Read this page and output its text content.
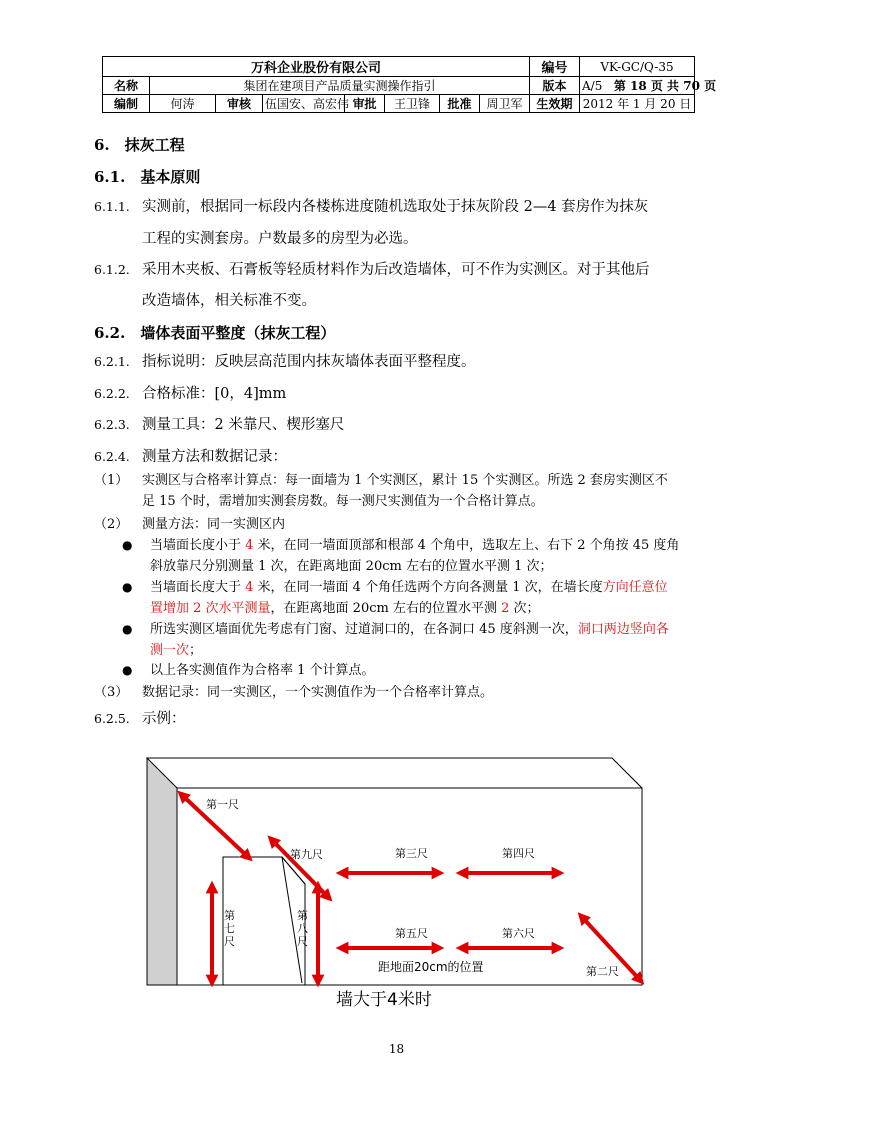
万科企业股份有限公司								编号	VK-GC/Q-35
名称	集团在建项目产品质量实测操作指引							版本	A/5 第 18 页 共 70 页
编制	何涛	审核	伍国安、高宏伟	审批	王卫锋	批准	周卫军	生效期	2012 年 1 月 20 日
6.　抹灰工程
6.1.　基本原则
6.1.1. 实测前，根据同一标段内各楼栋进度随机选取处于抹灰阶段 2—4 套房作为抹灰
工程的实测套房。户数最多的房型为必选。
6.1.2. 采用木夹板、石膏板等轻质材料作为后改造墙体，可不作为实测区。对于其他后
改造墙体，相关标准不变。
6.2.　墙体表面平整度（抹灰工程）
6.2.1. 指标说明：反映层高范围内抹灰墙体表面平整程度。
6.2.2. 合格标准：[0，4]mm
6.2.3. 测量工具：2 米靠尺、楔形塞尺
6.2.4. 测量方法和数据记录：
（1） 实测区与合格率计算点：每一面墙为 1 个实测区，累计 15 个实测区。所选 2 套房实测区不
足 15 个时，需增加实测套房数。每一测尺实测值为一个合格计算点。
（2） 测量方法：同一实测区内
● 当墙面长度小于 4 米，在同一墙面顶部和根部 4 个角中，选取左上、右下 2 个角按 45 度角
斜放靠尺分别测量 1 次，在距离地面 20cm 左右的位置水平测 1 次；
● 当墙面长度大于 4 米，在同一墙面 4 个角任选两个方向各测量 1 次，在墙长度方向任意位
置增加 2 次水平测量，在距离地面 20cm 左右的位置水平测 2 次；
● 所选实测区墙面优先考虑有门窗、过道洞口的，在各洞口 45 度斜测一次，洞口两边竖向各
测一次；
● 以上各实测值作为合格率 1 个计算点。
（3） 数据记录：同一实测区，一个实测值作为一个合格率计算点。
6.2.5. 示例：
第一尺
第二尺
第三尺	第四尺
第五尺	第六尺
第九尺
第
七
尺
第
八
尺
距地面20cm的位置
墙大于4米时
18
